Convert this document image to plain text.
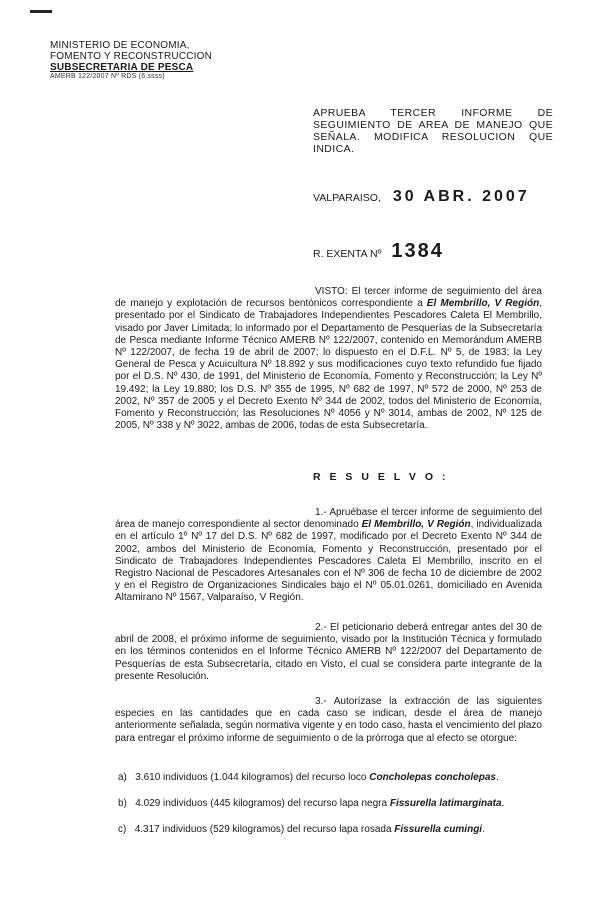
MINISTERIO DE ECONOMIA,
FOMENTO Y RECONSTRUCCION
SUBSECRETARIA DE PESCA
AMERB 122/2007 Nº RDS (6.ssss)
APRUEBA TERCER INFORME DE SEGUIMIENTO DE AREA DE MANEJO QUE SEÑALA. MODIFICA RESOLUCION QUE INDICA.
VALPARAISO, 30 ABR. 2007
R. EXENTA Nº 1384
VISTO: El tercer informe de seguimiento del área de manejo y explotación de recursos bentónicos correspondiente a El Membrillo, V Región, presentado por el Sindicato de Trabajadores Independientes Pescadores Caleta El Membrillo, visado por Javer Limitada; lo informado por el Departamento de Pesquerías de la Subsecretaría de Pesca mediante Informe Técnico AMERB Nº 122/2007, contenido en Memorándum AMERB Nº 122/2007, de fecha 19 de abril de 2007; lo dispuesto en el D.F.L. Nº 5, de 1983; la Ley General de Pesca y Acuicultura Nº 18.892 y sus modificaciones cuyo texto refundido fue fijado por el D.S. Nº 430, de 1991, del Ministerio de Economía, Fomento y Reconstrucción; la Ley Nº 19.492; la Ley 19.880; los D.S. Nº 355 de 1995, Nº 682 de 1997, Nº 572 de 2000, Nº 253 de 2002, Nº 357 de 2005 y el Decreto Exento Nº 344 de 2002, todos del Ministerio de Economía, Fomento y Reconstrucción; las Resoluciones Nº 4056 y Nº 3014, ambas de 2002, Nº 125 de 2005, Nº 338 y Nº 3022, ambas de 2006, todas de esta Subsecretaría.
R E S U E L V O :
1.- Apruébase el tercer informe de seguimiento del área de manejo correspondiente al sector denominado El Membrillo, V Región, individualizada en el artículo 1º Nº 17 del D.S. Nº 682 de 1997, modificado por el Decreto Exento Nº 344 de 2002, ambos del Ministerio de Economía, Fomento y Reconstrucción, presentado por el Sindicato de Trabajadores Independientes Pescadores Caleta El Membrillo, inscrito en el Registro Nacional de Pescadores Artesanales con el Nº 306 de fecha 10 de diciembre de 2002 y en el Registro de Organizaciones Sindicales bajo el Nº 05.01.0261, domiciliado en Avenida Altamirano Nº 1567, Valparaíso, V Región.
2.- El peticionario deberá entregar antes del 30 de abril de 2008, el próximo informe de seguimiento, visado por la Institución Técnica y formulado en los términos contenidos en el Informe Técnico AMERB Nº 122/2007 del Departamento de Pesquerías de esta Subsecretaría, citado en Visto, el cual se considera parte integrante de la presente Resolución.
3.- Autorízase la extracción de las siguientes especies en las cantidades que en cada caso se indican, desde el área de manejo anteriormente señalada, según normativa vigente y en todo caso, hasta el vencimiento del plazo para entregar el próximo informe de seguimiento o de la prórroga que al efecto se otorgue:
a) 3.610 individuos (1.044 kilogramos) del recurso loco Concholepas concholepas.
b) 4.029 individuos (445 kilogramos) del recurso lapa negra Fissurella latimarginata.
c) 4.317 individuos (529 kilogramos) del recurso lapa rosada Fissurella cumingi.
